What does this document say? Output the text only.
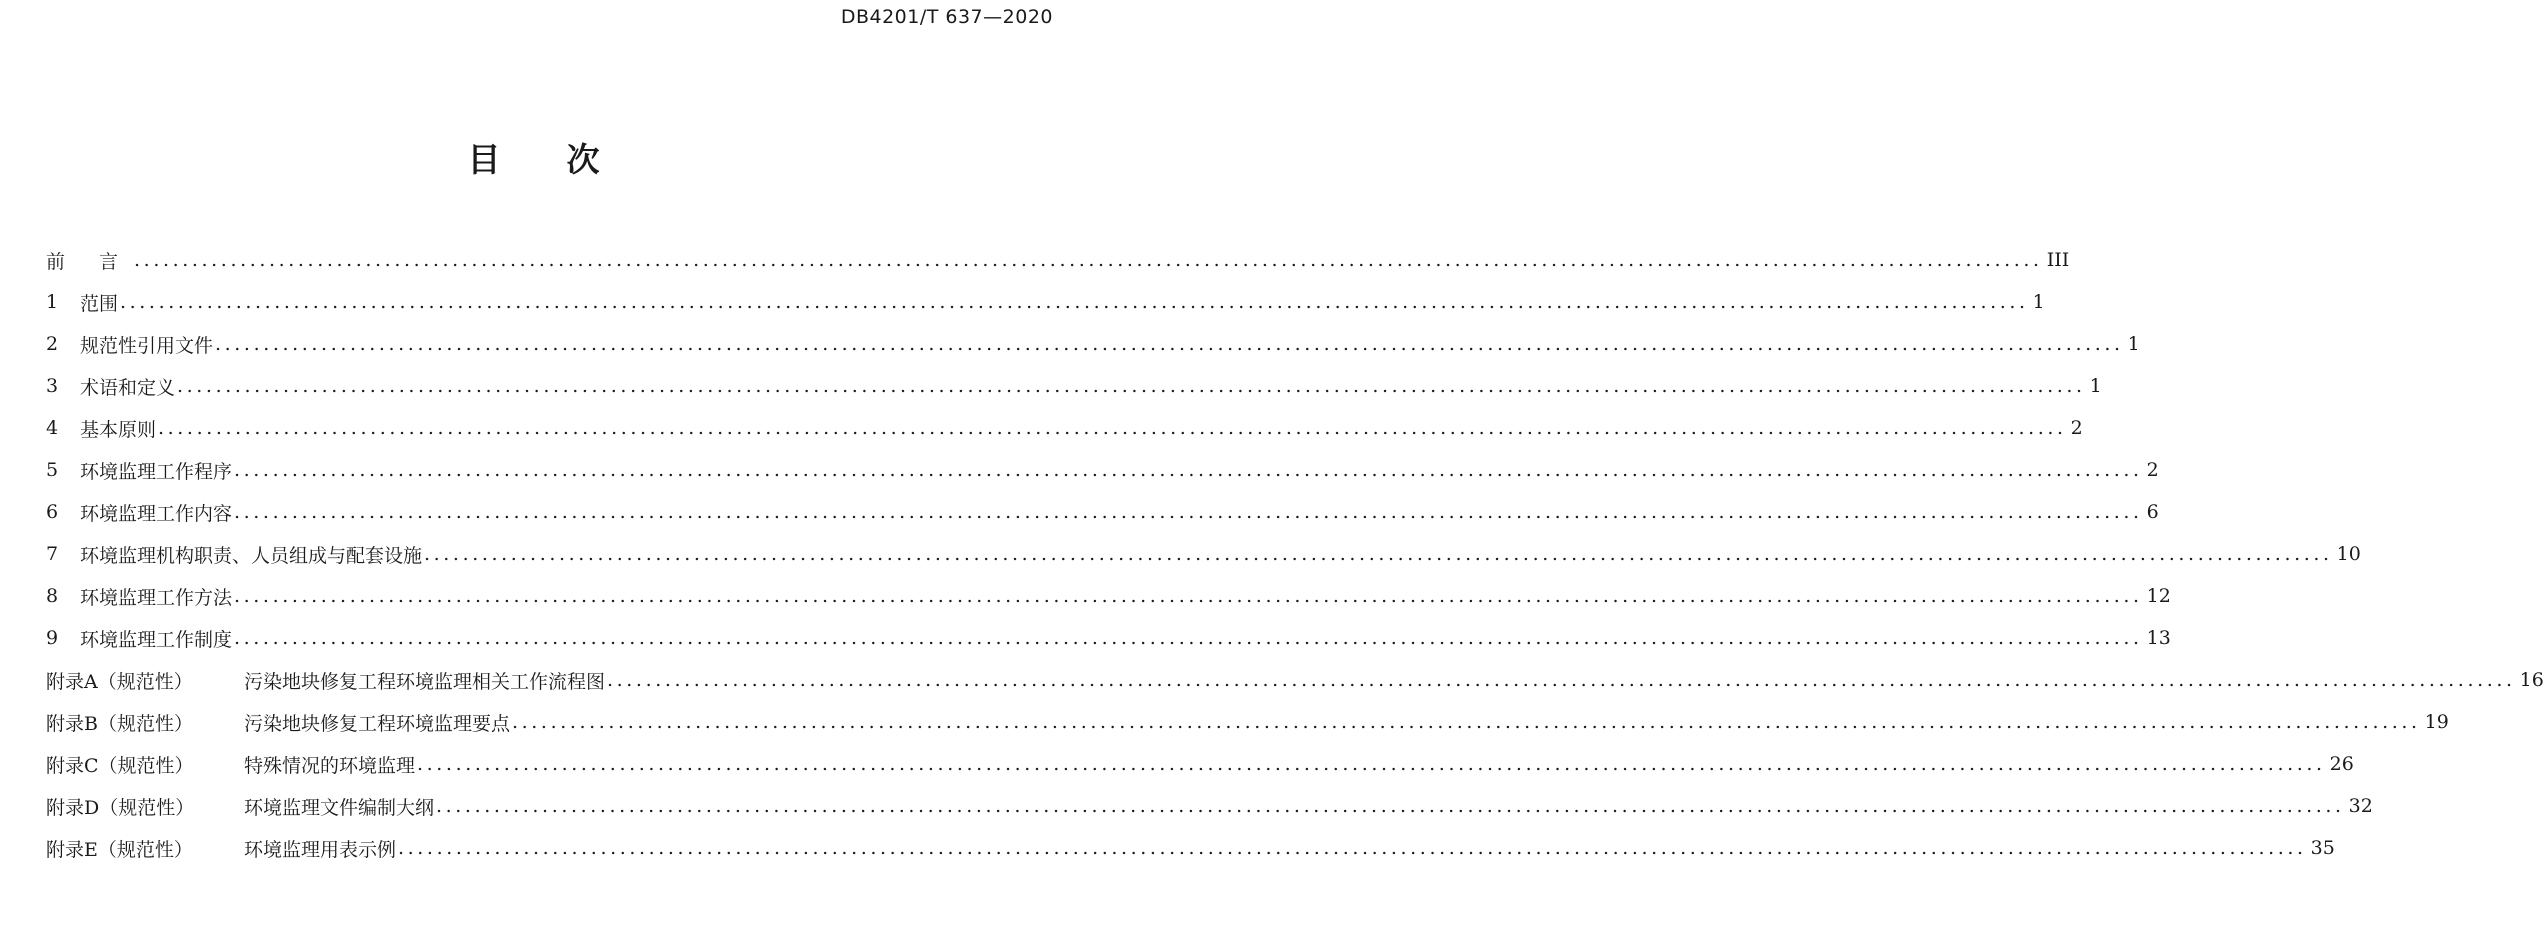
DB4201/T 637—2020
目 次
前 言 ...................................................................................................................................................................................................... III
1	范围 ...................................................................................................................................................................................................... 1
2	规范性引用文件 ...................................................................................................................................................................................................... 1
3	术语和定义 ...................................................................................................................................................................................................... 1
4	基本原则 ...................................................................................................................................................................................................... 2
5	环境监理工作程序 ...................................................................................................................................................................................................... 2
6	环境监理工作内容 ...................................................................................................................................................................................................... 6
7	环境监理机构职责、人员组成与配套设施 ...................................................................................................................................................................................................... 10
8	环境监理工作方法 ...................................................................................................................................................................................................... 12
9	环境监理工作制度 ...................................................................................................................................................................................................... 13
附录A（规范性）	污染地块修复工程环境监理相关工作流程图 ...................................................................................................................................................................................................... 16
附录B（规范性）	污染地块修复工程环境监理要点 ...................................................................................................................................................................................................... 19
附录C（规范性）	特殊情况的环境监理 ...................................................................................................................................................................................................... 26
附录D（规范性）	环境监理文件编制大纲 ...................................................................................................................................................................................................... 32
附录E（规范性）	环境监理用表示例 ...................................................................................................................................................................................................... 35
